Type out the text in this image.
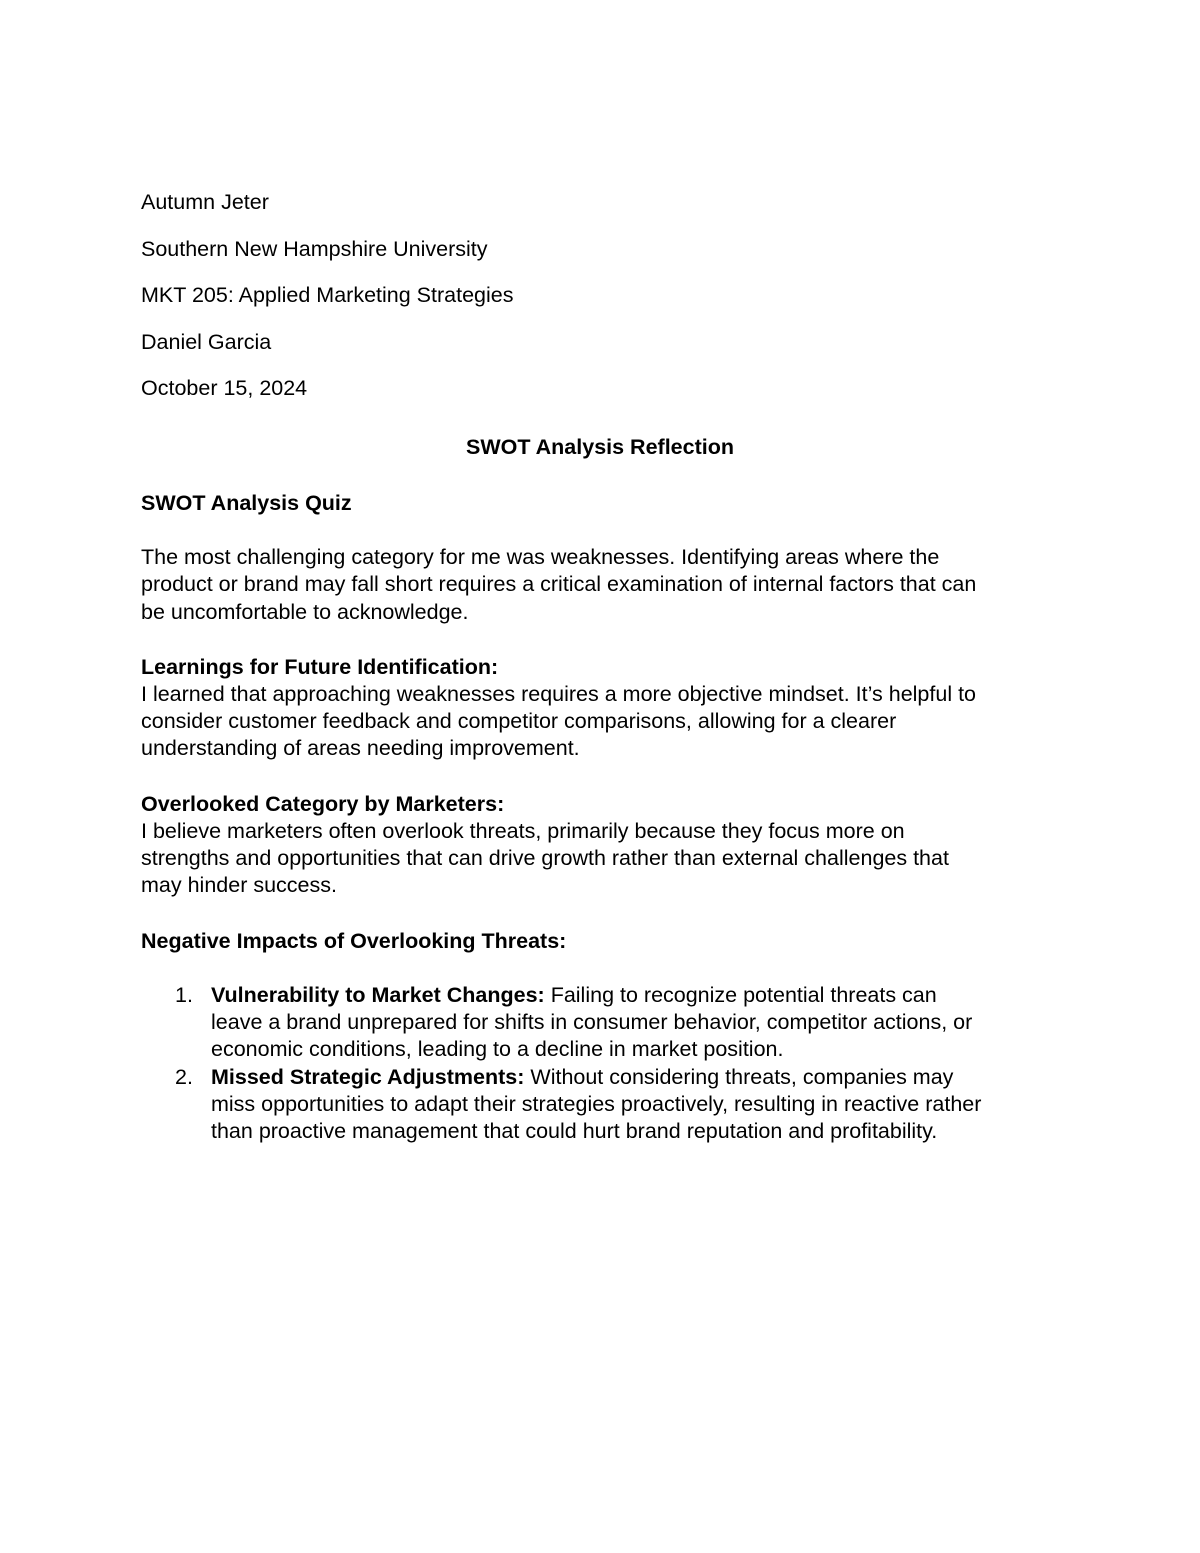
Autumn Jeter

Southern New Hampshire University

MKT 205: Applied Marketing Strategies

Daniel Garcia

October 15, 2024

SWOT Analysis Reflection

SWOT Analysis Quiz

The most challenging category for me was weaknesses. Identifying areas where the
product or brand may fall short requires a critical examination of internal factors that can
be uncomfortable to acknowledge.

Learnings for Future Identification:

I learned that approaching weaknesses requires a more objective mindset. It’s helpful to
consider customer feedback and competitor comparisons, allowing for a clearer
understanding of areas needing improvement.

Overlooked Category by Marketers:

I believe marketers often overlook threats, primarily because they focus more on
strengths and opportunities that can drive growth rather than external challenges that
may hinder success.

Negative Impacts of Overlooking Threats:

1. Vulnerability to Market Changes: Failing to recognize potential threats can
leave a brand unprepared for shifts in consumer behavior, competitor actions, or
economic conditions, leading to a decline in market position.
2. Missed Strategic Adjustments: Without considering threats, companies may
miss opportunities to adapt their strategies proactively, resulting in reactive rather
than proactive management that could hurt brand reputation and profitability.
